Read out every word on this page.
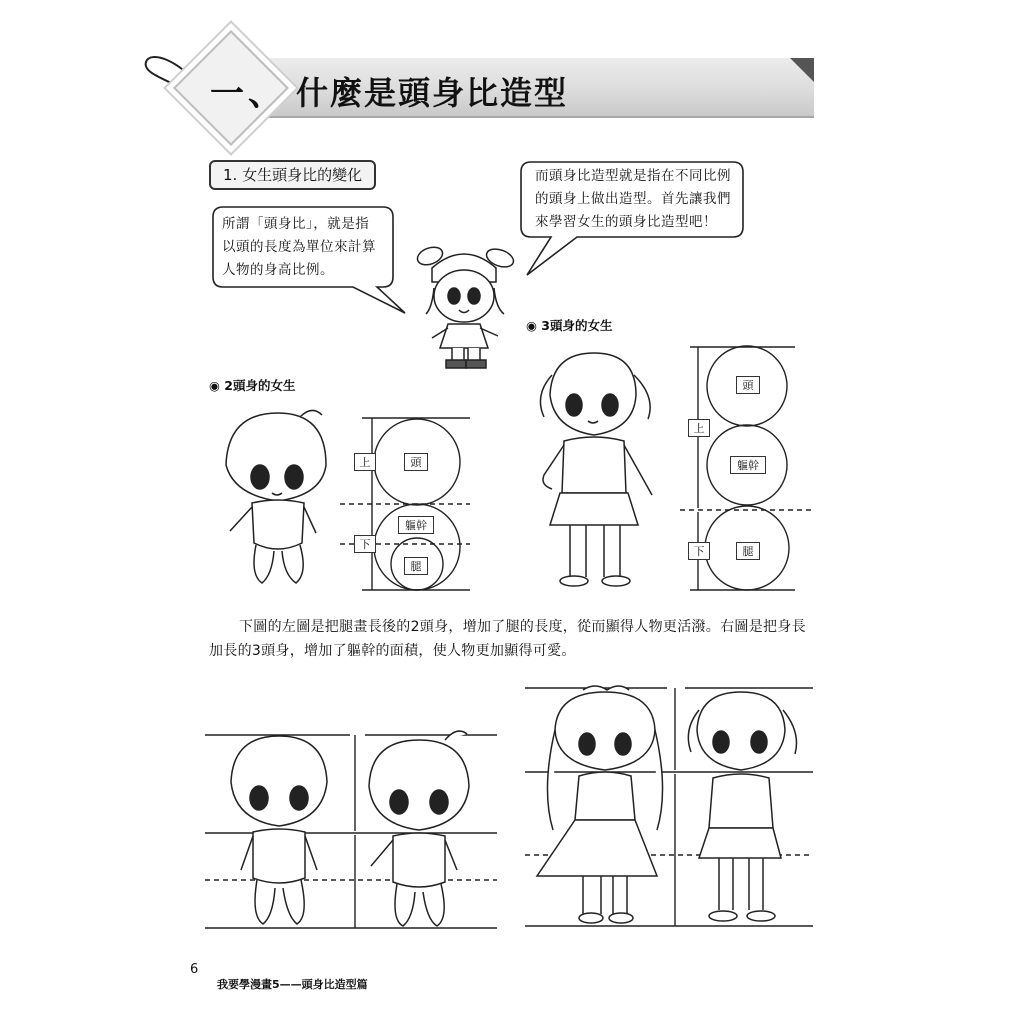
一、 什麼是頭身比造型
1. 女生頭身比的變化
所謂「頭身比」，就是指
以頭的長度為單位來計算
人物的身高比例。
而頭身比造型就是指在不同比例
的頭身上做出造型。首先讓我們
來學習女生的頭身比造型吧！
◉ 2頭身的女生
上
下
頭
軀幹
腿
◉ 3頭身的女生
上
下
頭
軀幹
腿
下圖的左圖是把腿畫長後的2頭身，增加了腿的長度，從而顯得人物更活潑。右圖是把身長加長的3頭身，增加了軀幹的面積，使人物更加顯得可愛。
6
我要學漫畫5——頭身比造型篇
